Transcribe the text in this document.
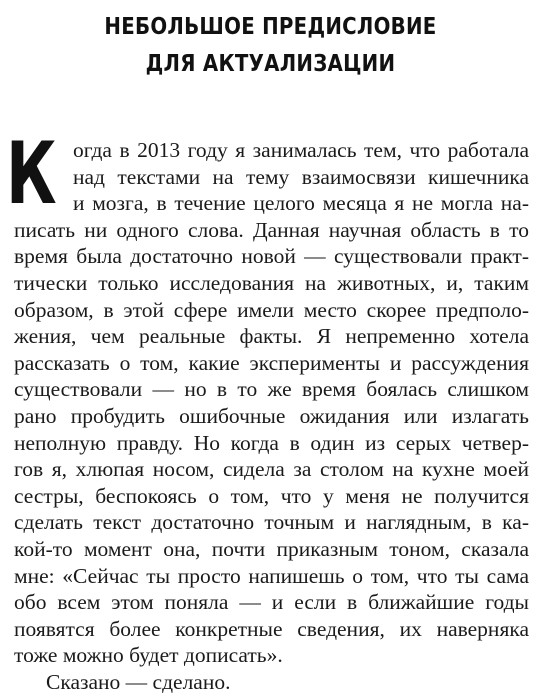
НЕБОЛЬШОЕ ПРЕДИСЛОВИЕ
ДЛЯ АКТУАЛИЗАЦИИ
К огда в 2013 году я занималась тем, что работала
над текстами на тему взаимосвязи кишечника
и мозга, в течение целого месяца я не могла на-
писать ни одного слова. Данная научная область в то
время была достаточно новой — существовали практ-
тически только исследования на животных, и, таким
образом, в этой сфере имели место скорее предполо-
жения, чем реальные факты. Я непременно хотела
рассказать о том, какие эксперименты и рассуждения
существовали — но в то же время боялась слишком
рано пробудить ошибочные ожидания или излагать
неполную правду. Но когда в один из серых четвер-
гов я, хлюпая носом, сидела за столом на кухне моей
сестры, беспокоясь о том, что у меня не получится
сделать текст достаточно точным и наглядным, в ка-
кой-то момент она, почти приказным тоном, сказала
мне: «Сейчас ты просто напишешь о том, что ты сама
обо всем этом поняла — и если в ближайшие годы
появятся более конкретные сведения, их наверняка
тоже можно будет дописать».
Сказано — сделано.
